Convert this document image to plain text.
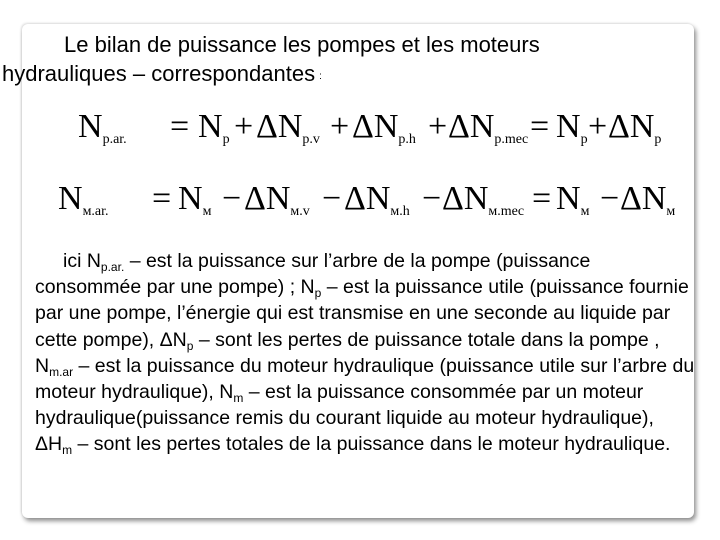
Le bilan de puissance les pompes et les moteurs
hydrauliques – correspondantes :
$N_{p.ar.} = N_p + \Delta N_{p.v} + \Delta N_{p.h} + \Delta N_{p.mec} = N_p + \Delta N_p$
$N_{м.ar.} = N_м - \Delta N_{м.v} - \Delta N_{м.h} - \Delta N_{м.mec} = N_м - \Delta N_м$

ici $N_{p.ar.}$ – est la puissance sur l’arbre de la pompe (puissance consommée par une pompe) ; $N_p$ – est la puissance utile (puissance fournie par une pompe, l’énergie qui est transmise en une seconde au liquide par cette pompe), $\Delta N_p$ – sont les pertes de puissance totale dans la pompe , $N_{m.ar}$ – est la puissance du moteur hydraulique (puissance utile sur l’arbre du moteur hydraulique), $N_m$ – est la puissance consommée par un moteur hydraulique(puissance remis du courant liquide au moteur hydraulique), $\Delta H_m$ – sont les pertes totales de la puissance dans le moteur hydraulique.
